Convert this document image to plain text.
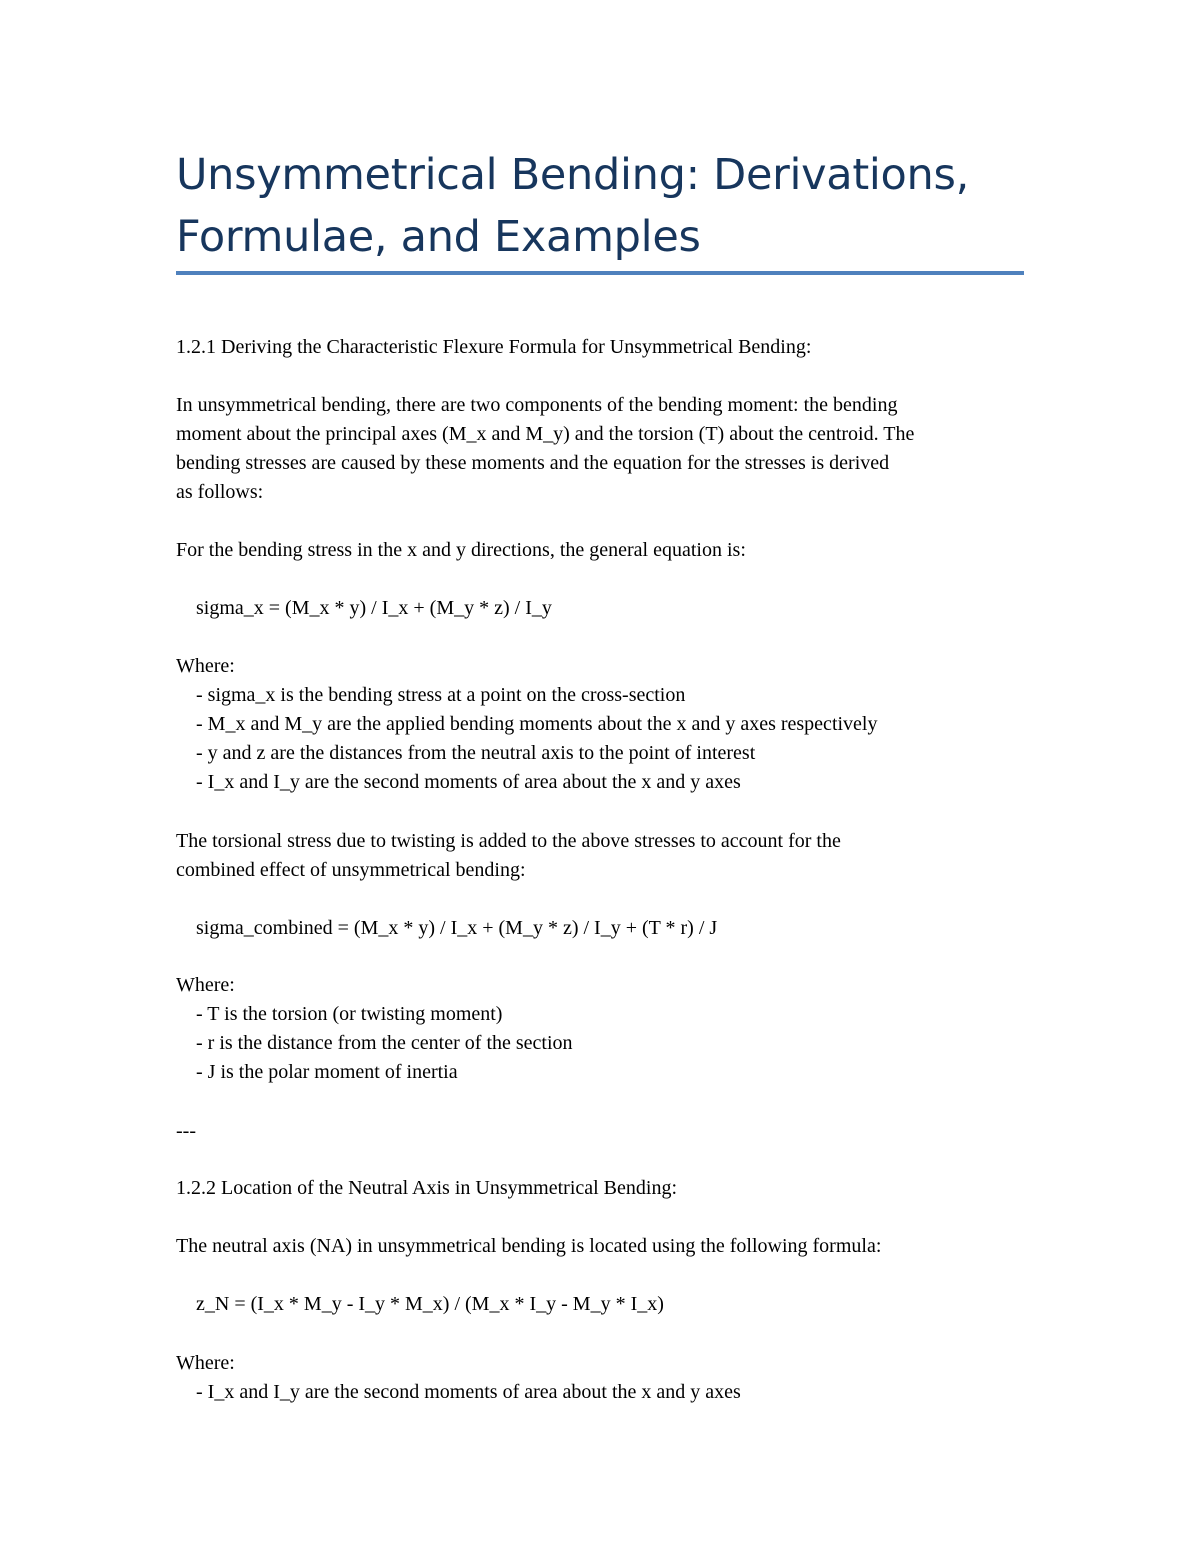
Unsymmetrical Bending: Derivations,
Formulae, and Examples

1.2.1 Deriving the Characteristic Flexure Formula for Unsymmetrical Bending:

In unsymmetrical bending, there are two components of the bending moment: the bending

moment about the principal axes (M_x and M_y) and the torsion (T) about the centroid. The

bending stresses are caused by these moments and the equation for the stresses is derived

as follows:

For the bending stress in the x and y directions, the general equation is:

sigma_x = (M_x * y) / I_x + (M_y * z) / I_y

Where:

- sigma_x is the bending stress at a point on the cross-section

- M_x and M_y are the applied bending moments about the x and y axes respectively

- y and z are the distances from the neutral axis to the point of interest

- I_x and I_y are the second moments of area about the x and y axes

The torsional stress due to twisting is added to the above stresses to account for the

combined effect of unsymmetrical bending:

sigma_combined = (M_x * y) / I_x + (M_y * z) / I_y + (T * r) / J

Where:

- T is the torsion (or twisting moment)

- r is the distance from the center of the section

- J is the polar moment of inertia

---

1.2.2 Location of the Neutral Axis in Unsymmetrical Bending:

The neutral axis (NA) in unsymmetrical bending is located using the following formula:

z_N = (I_x * M_y - I_y * M_x) / (M_x * I_y - M_y * I_x)

Where:

- I_x and I_y are the second moments of area about the x and y axes
